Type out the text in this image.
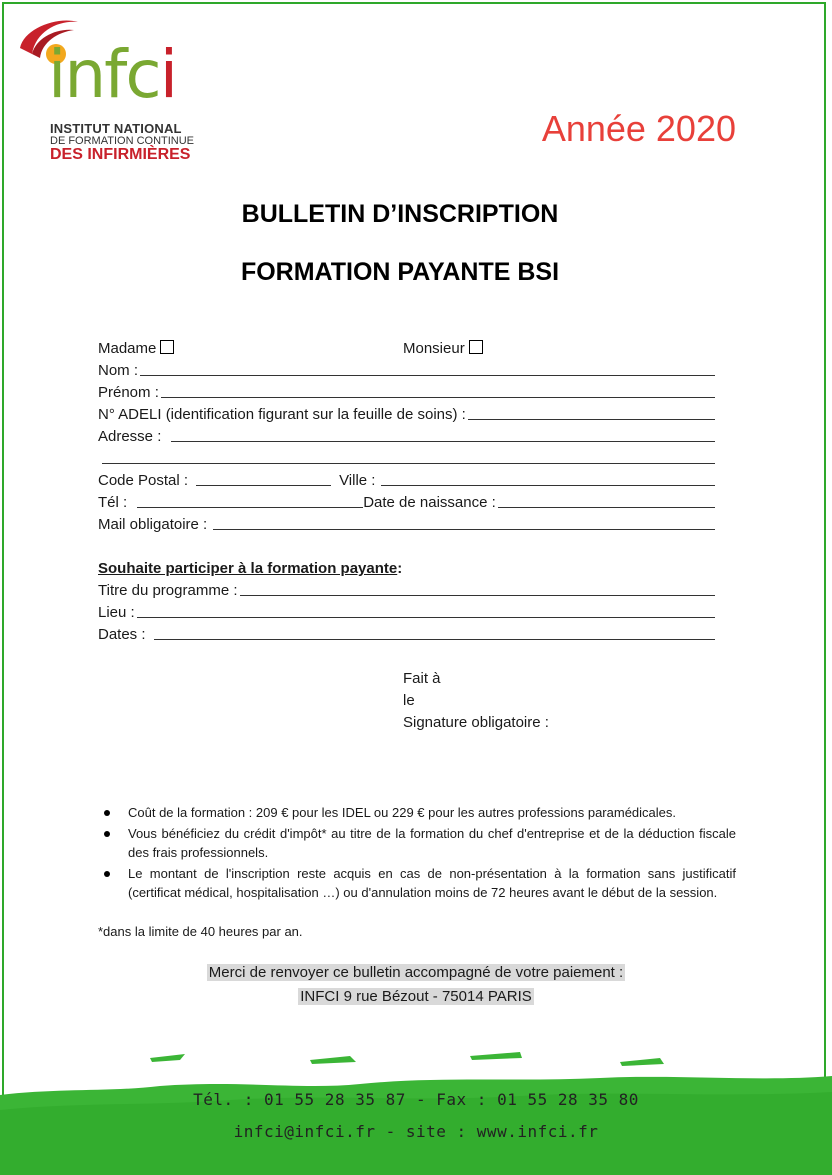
infci
INSTITUT NATIONAL
DE FORMATION CONTINUE
DES INFIRMIÈRES
Année 2020
BULLETIN D’INSCRIPTION
FORMATION PAYANTE BSI
Madame	Monsieur
Nom :
Prénom :
N° ADELI (identification figurant sur la feuille de soins) :
Adresse :
Code Postal :	Ville :
Tél :	Date de naissance :
Mail obligatoire :
Souhaite participer à la formation payante :
Titre du programme :
Lieu :
Dates :
Fait à
le
Signature obligatoire :
Coût de la formation : 209 € pour les IDEL ou 229 € pour les autres professions paramédicales.
Vous bénéficiez du crédit d'impôt* au titre de la formation du chef d'entreprise et de la déduction fiscale des frais professionnels.
Le montant de l'inscription reste acquis en cas de non-présentation à la formation sans justificatif (certificat médical, hospitalisation …) ou d'annulation moins de 72 heures avant le début de la session.
*dans la limite de 40 heures par an.
Merci de renvoyer ce bulletin accompagné de votre paiement :
INFCI 9 rue Bézout - 75014 PARIS
Tél. : 01 55 28 35 87 - Fax : 01 55 28 35 80
infci@infci.fr - site : www.infci.fr
